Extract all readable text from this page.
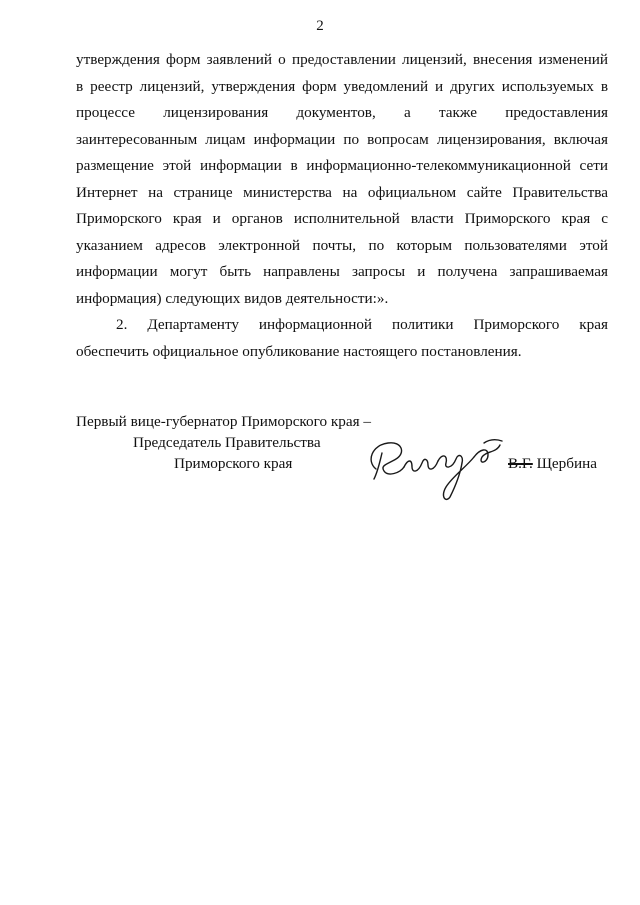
2
утверждения форм заявлений о предоставлении лицензий, внесения изменений
в реестр лицензий, утверждения форм уведомлений и других используемых в
процессе лицензирования документов, а также предоставления
заинтересованным лицам информации по вопросам лицензирования, включая
размещение этой информации в информационно-телекоммуникационной сети
Интернет на странице министерства на официальном сайте Правительства
Приморского края и органов исполнительной власти Приморского края с
указанием адресов электронной почты, по которым пользователями этой
информации могут быть направлены запросы и получена запрашиваемая
информация) следующих видов деятельности:».
2. Департаменту информационной политики Приморского края
обеспечить официальное опубликование настоящего постановления.
Первый вице-губернатор Приморского края –
Председатель Правительства
Приморского края	В.Г. Щербина
